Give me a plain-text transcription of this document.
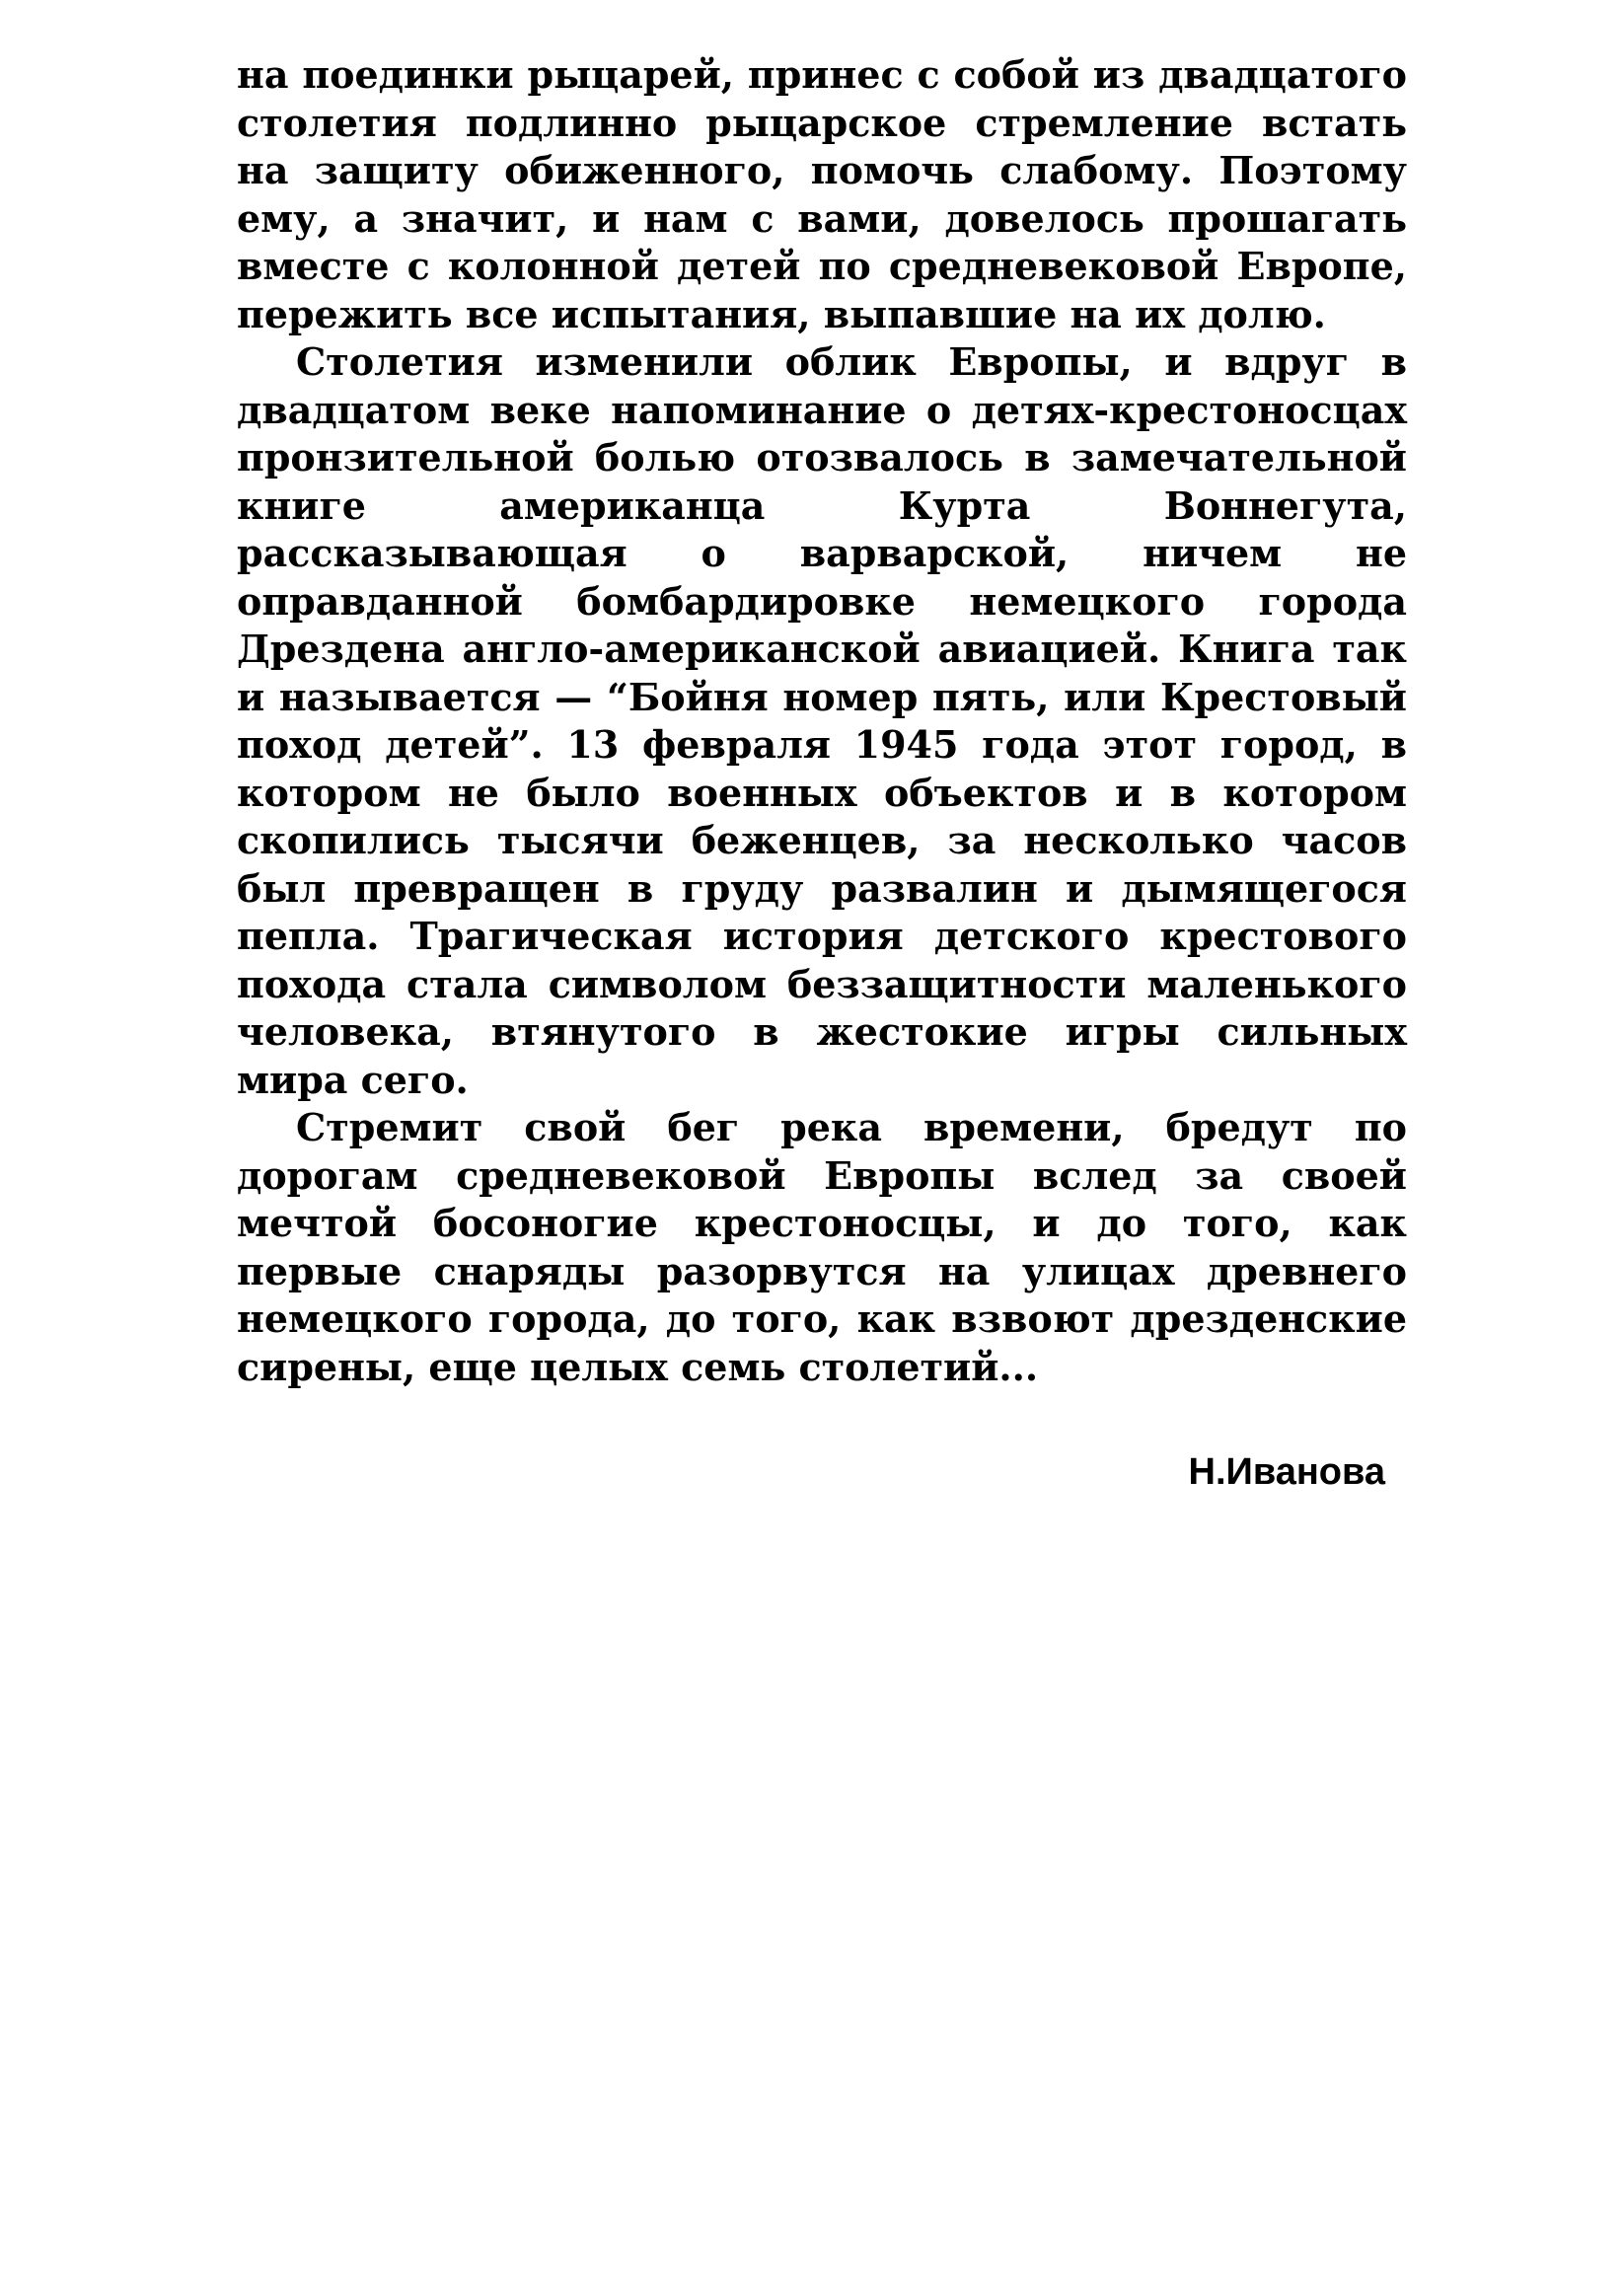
на поединки рыцарей, принес с собой из двадцатого столетия подлинно рыцарское стремление встать на защиту обиженного, помочь слабому. Поэтому ему, а значит, и нам с вами, довелось прошагать вместе с колонной детей по средневековой Европе, пережить все испытания, выпавшие на их долю.

Столетия изменили облик Европы, и вдруг в двадцатом веке напоминание о детях-крестоносцах пронзительной болью отозвалось в замечательной книге американца Курта Воннегута, рассказывающая о варварской, ничем не оправданной бомбардировке немецкого города Дрездена англо-американской авиацией. Книга так и называется — “Бойня номер пять, или Крестовый поход детей”. 13 февраля 1945 года этот город, в котором не было военных объектов и в котором скопились тысячи беженцев, за несколько часов был превращен в груду развалин и дымящегося пепла. Трагическая история детского крестового похода стала символом беззащитности маленького человека, втянутого в жестокие игры сильных мира сего.

Стремит свой бег река времени, бредут по дорогам средневековой Европы вслед за своей мечтой босоногие крестоносцы, и до того, как первые снаряды разорвутся на улицах древнего немецкого города, до того, как взвоют дрезденские сирены, еще целых семь столетий...

Н.Иванова
